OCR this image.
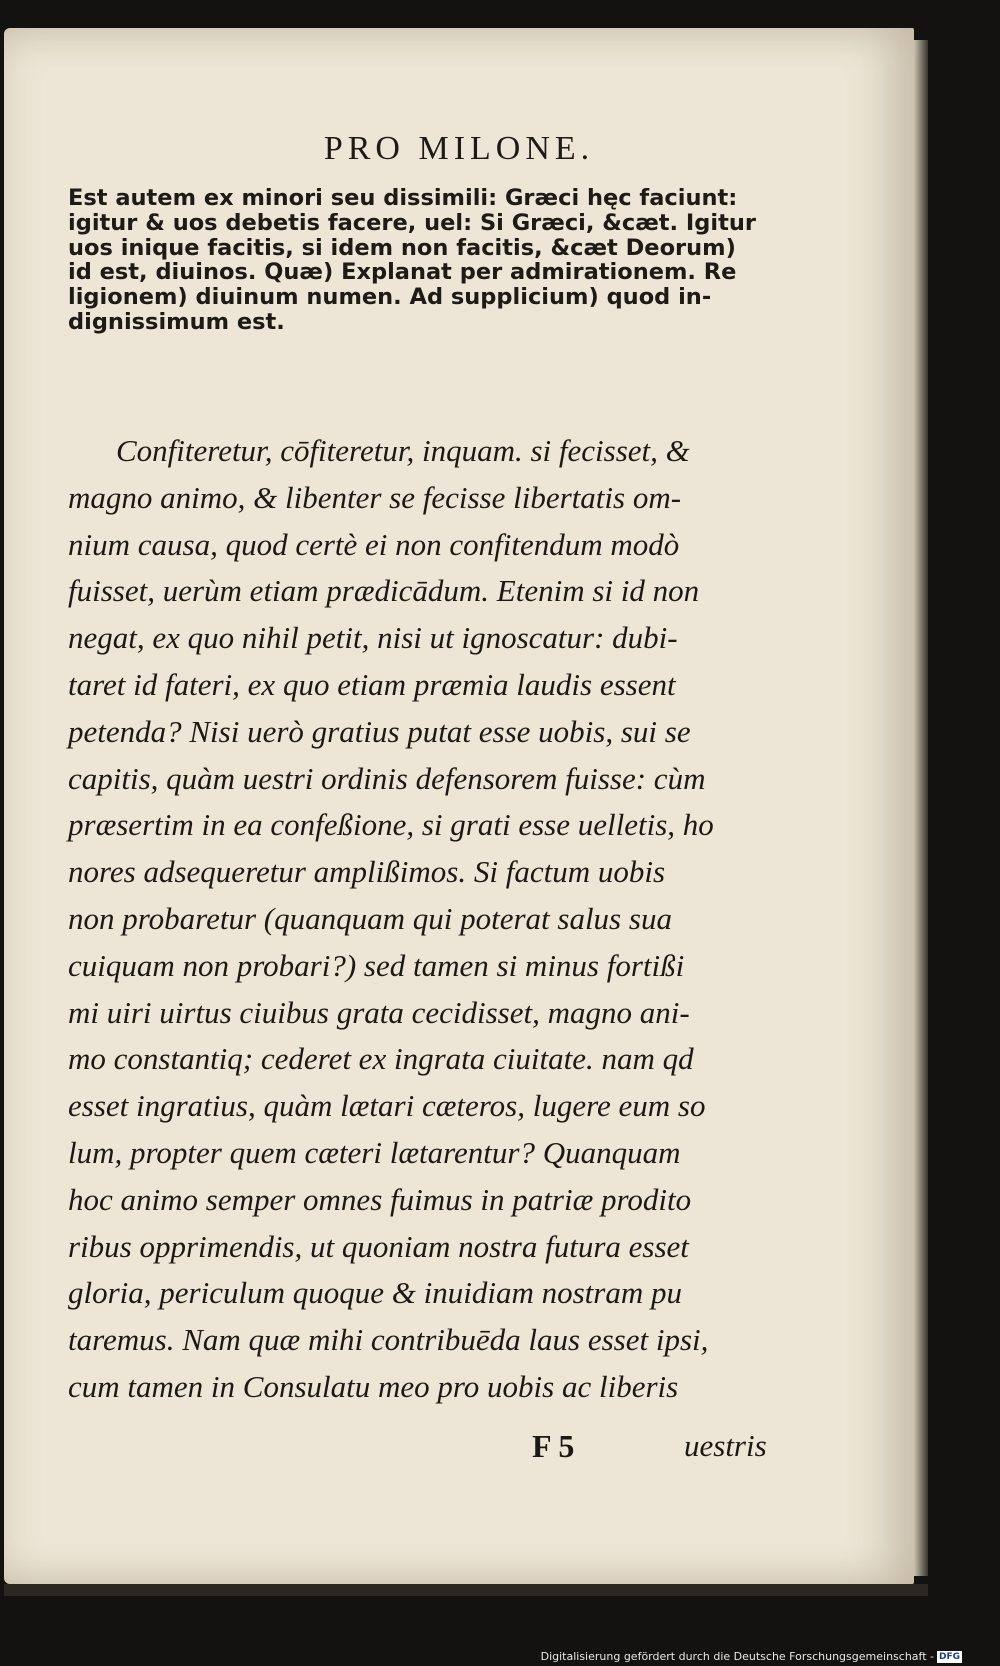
PRO MILONE.
Est autem ex minori seu dissimili: Græci hęc faciunt:
igitur & uos debetis facere, uel: Si Græci, &cæt. Igitur
uos inique facitis, si idem non facitis, &cæt Deorum)
id est, diuinos. Quæ) Explanat per admirationem. Re
ligionem) diuinum numen. Ad supplicium) quod in-
dignissimum est.
Confiteretur, cōfiteretur, inquam. si fecisset, &
magno animo, & libenter se fecisse libertatis om-
nium causa, quod certè ei non confitendum modò
fuisset, uerùm etiam prædicādum. Etenim si id non
negat, ex quo nihil petit, nisi ut ignoscatur: dubi-
taret id fateri, ex quo etiam præmia laudis essent
petenda? Nisi uerò gratius putat esse uobis, sui se
capitis, quàm uestri ordinis defensorem fuisse: cùm
præsertim in ea confeßione, si grati esse uelletis, ho
nores adsequeretur amplißimos. Si factum uobis
non probaretur (quanquam qui poterat salus sua
cuiquam non probari?) sed tamen si minus fortißi
mi uiri uirtus ciuibus grata cecidisset, magno ani-
mo constantiq; cederet ex ingrata ciuitate. nam qd
esset ingratius, quàm lætari cæteros, lugere eum so
lum, propter quem cæteri lætarentur? Quanquam
hoc animo semper omnes fuimus in patriæ prodito
ribus opprimendis, ut quoniam nostra futura esset
gloria, periculum quoque & inuidiam nostram pu
taremus. Nam quæ mihi contribuēda laus esset ipsi,
cum tamen in Consulatu meo pro uobis ac liberis
F 5	uestris
Digitalisierung gefördert durch die Deutsche Forschungsgemeinschaft - DFG
